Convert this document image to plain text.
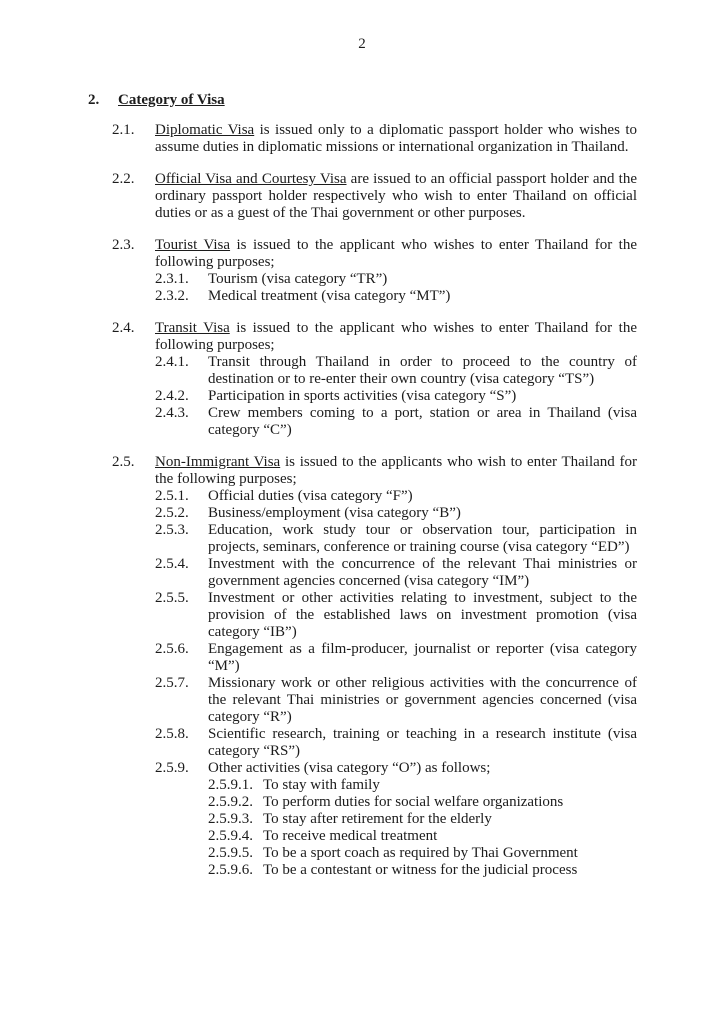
2
2.	Category of Visa
2.1.	Diplomatic Visa is issued only to a diplomatic passport holder who wishes to assume duties in diplomatic missions or international organization in Thailand.
2.2.	Official Visa and Courtesy Visa are issued to an official passport holder and the ordinary passport holder respectively who wish to enter Thailand on official duties or as a guest of the Thai government or other purposes.
2.3.	Tourist Visa is issued to the applicant who wishes to enter Thailand for the following purposes;
2.3.1.	Tourism (visa category “TR”)
2.3.2.	Medical treatment (visa category “MT”)
2.4.	Transit Visa is issued to the applicant who wishes to enter Thailand for the following purposes;
2.4.1.	Transit through Thailand in order to proceed to the country of destination or to re-enter their own country (visa category “TS”)
2.4.2.	Participation in sports activities (visa category “S”)
2.4.3.	Crew members coming to a port, station or area in Thailand (visa category “C”)
2.5.	Non-Immigrant Visa is issued to the applicants who wish to enter Thailand for the following purposes;
2.5.1.	Official duties (visa category “F”)
2.5.2.	Business/employment (visa category “B”)
2.5.3.	Education, work study tour or observation tour, participation in projects, seminars, conference or training course (visa category “ED”)
2.5.4.	Investment with the concurrence of the relevant Thai ministries or government agencies concerned (visa category “IM”)
2.5.5.	Investment or other activities relating to investment, subject to the provision of the established laws on investment promotion (visa category “IB”)
2.5.6.	Engagement as a film-producer, journalist or reporter (visa category “M”)
2.5.7.	Missionary work or other religious activities with the concurrence of the relevant Thai ministries or government agencies concerned (visa category “R”)
2.5.8.	Scientific research, training or teaching in a research institute (visa category “RS”)
2.5.9.	Other activities (visa category “O”) as follows;
2.5.9.1. To stay with family
2.5.9.2. To perform duties for social welfare organizations
2.5.9.3. To stay after retirement for the elderly
2.5.9.4. To receive medical treatment
2.5.9.5. To be a sport coach as required by Thai Government
2.5.9.6. To be a contestant or witness for the judicial process
